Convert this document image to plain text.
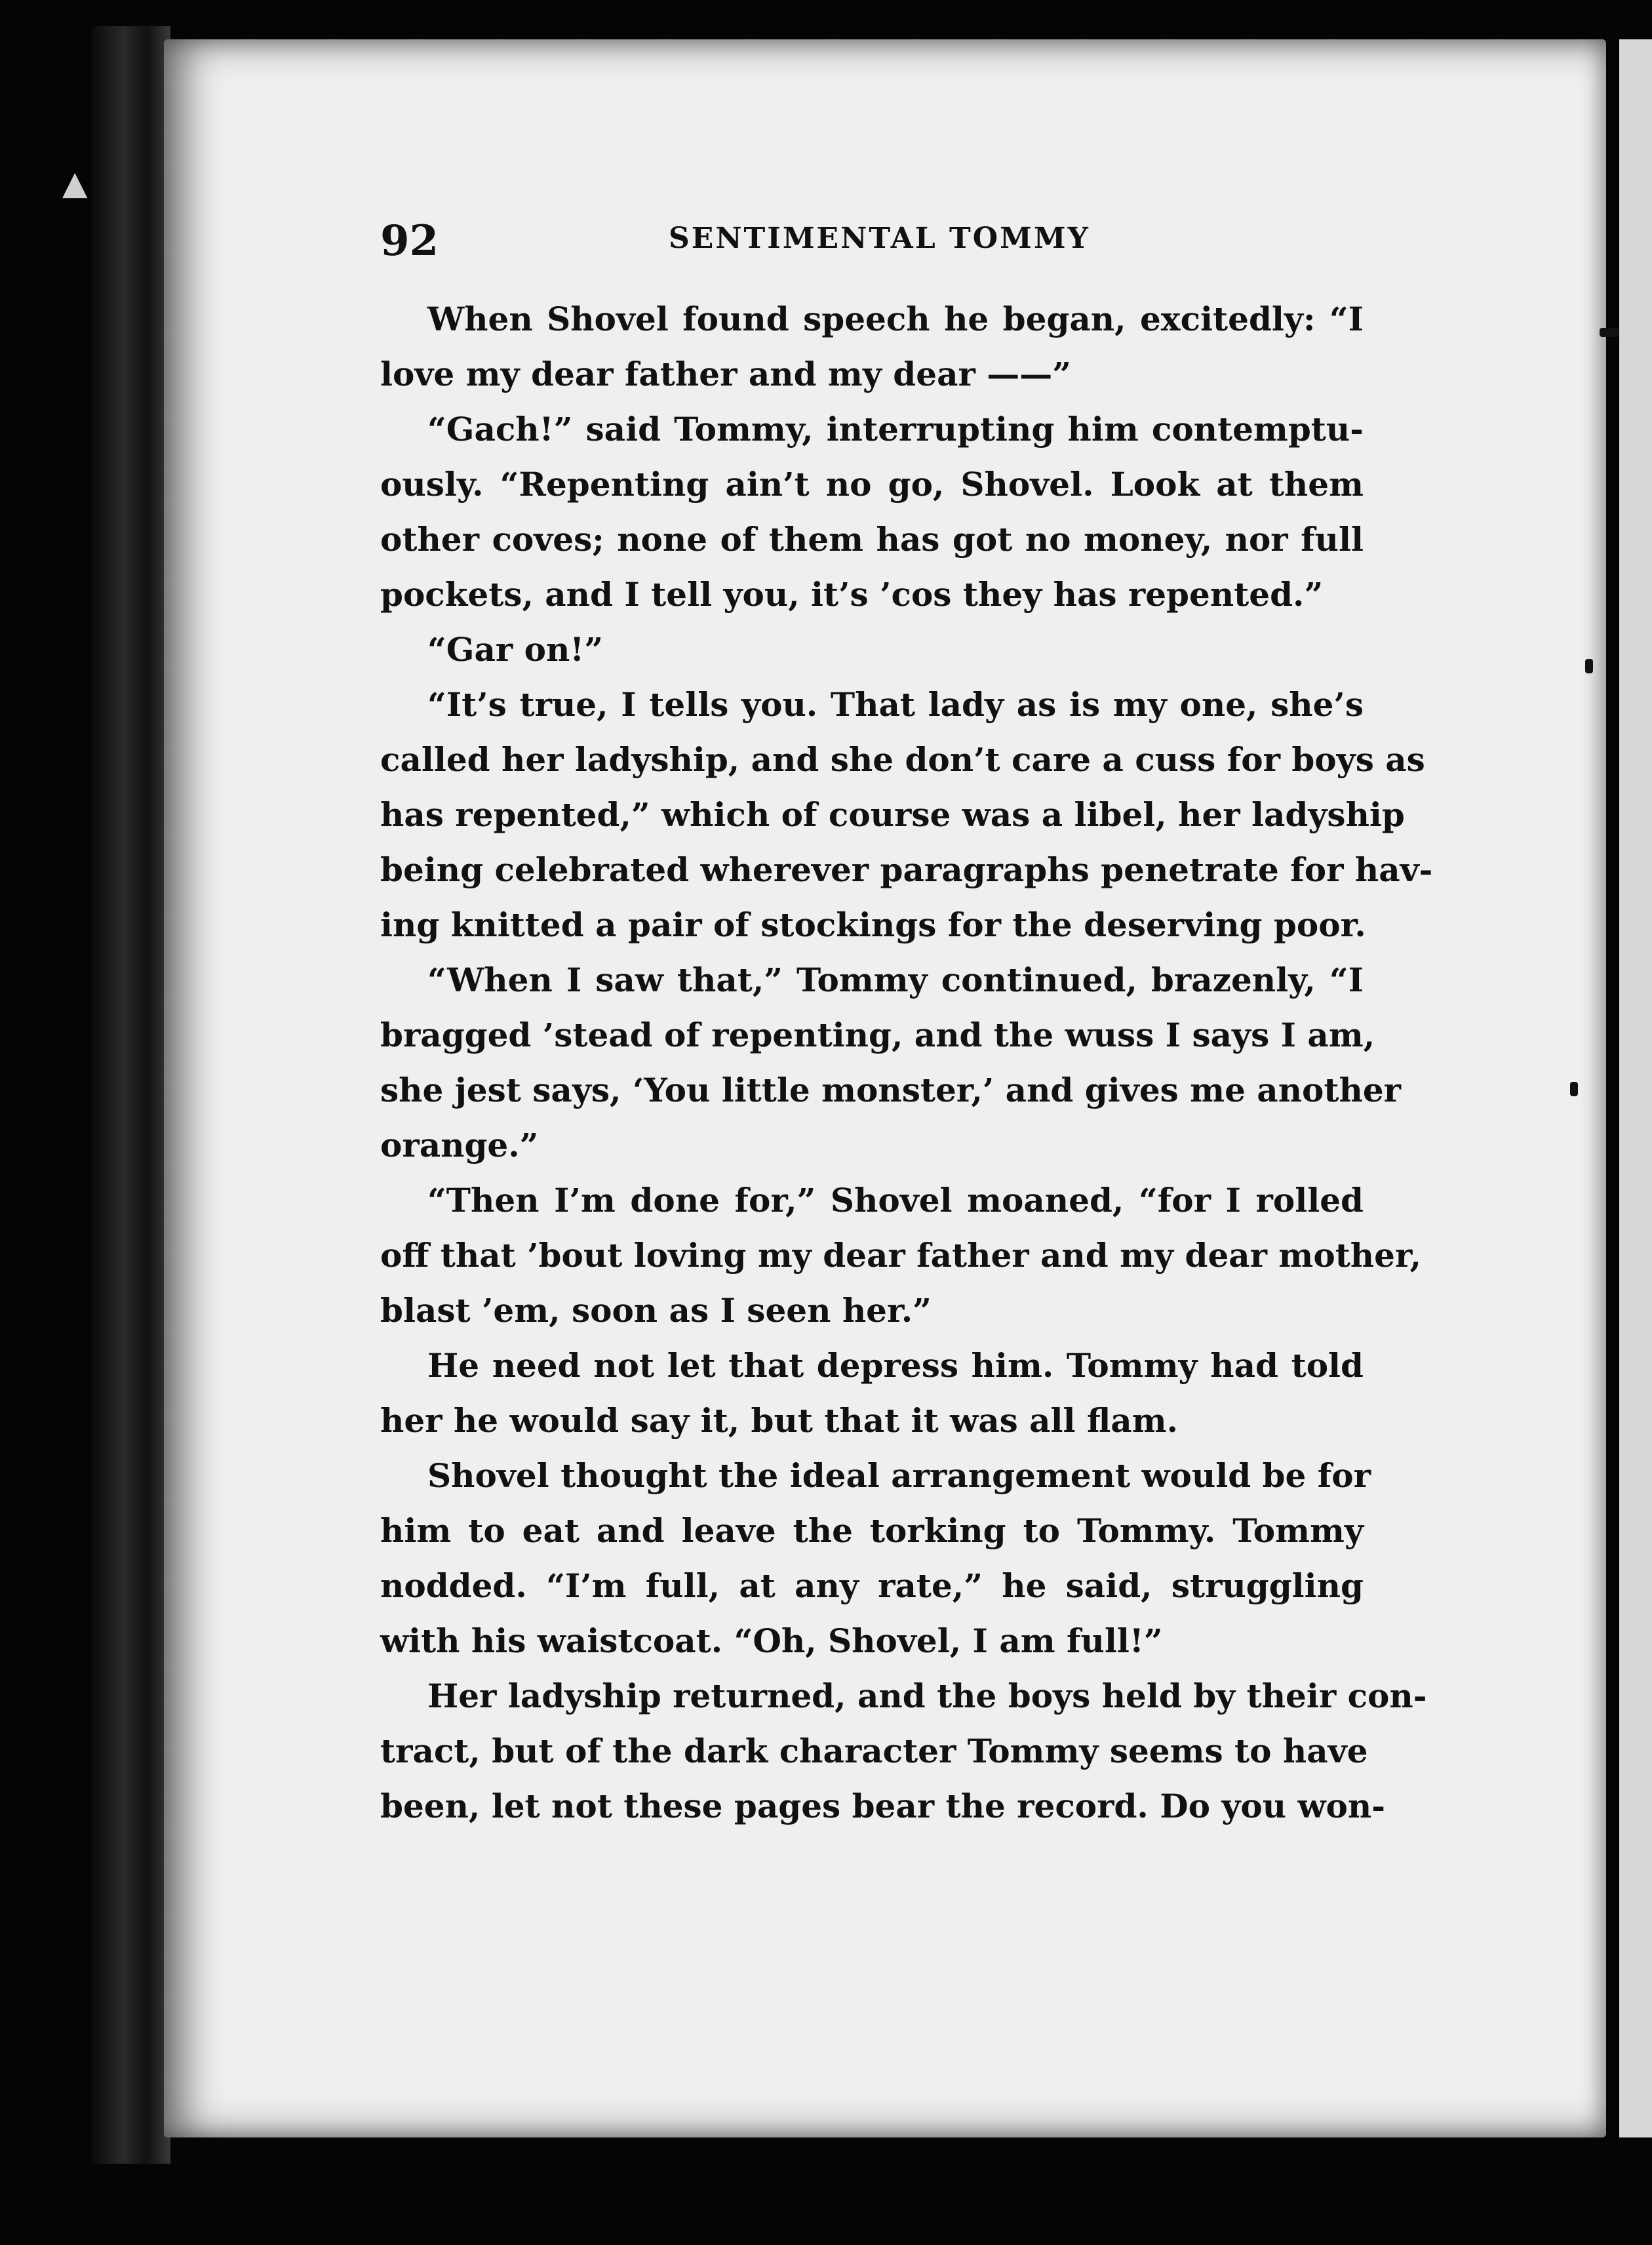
▲
92	SENTIMENTAL TOMMY
When Shovel found speech he began, excitedly: “I
love my dear father and my dear ——”
“Gach!” said Tommy, interrupting him contemptu-
ously. “Repenting ain’t no go, Shovel. Look at them
other coves; none of them has got no money, nor full
pockets, and I tell you, it’s ’cos they has repented.”
“Gar on!”
“It’s true, I tells you. That lady as is my one, she’s
called her ladyship, and she don’t care a cuss for boys as
has repented,” which of course was a libel, her ladyship
being celebrated wherever paragraphs penetrate for hav-
ing knitted a pair of stockings for the deserving poor.
“When I saw that,” Tommy continued, brazenly, “I
bragged ’stead of repenting, and the wuss I says I am,
she jest says, ‘You little monster,’ and gives me another
orange.”
“Then I’m done for,” Shovel moaned, “for I rolled
off that ’bout loving my dear father and my dear mother,
blast ’em, soon as I seen her.”
He need not let that depress him. Tommy had told
her he would say it, but that it was all flam.
Shovel thought the ideal arrangement would be for
him to eat and leave the torking to Tommy. Tommy
nodded. “I’m full, at any rate,” he said, struggling
with his waistcoat. “Oh, Shovel, I am full!”
Her ladyship returned, and the boys held by their con-
tract, but of the dark character Tommy seems to have
been, let not these pages bear the record. Do you won-
